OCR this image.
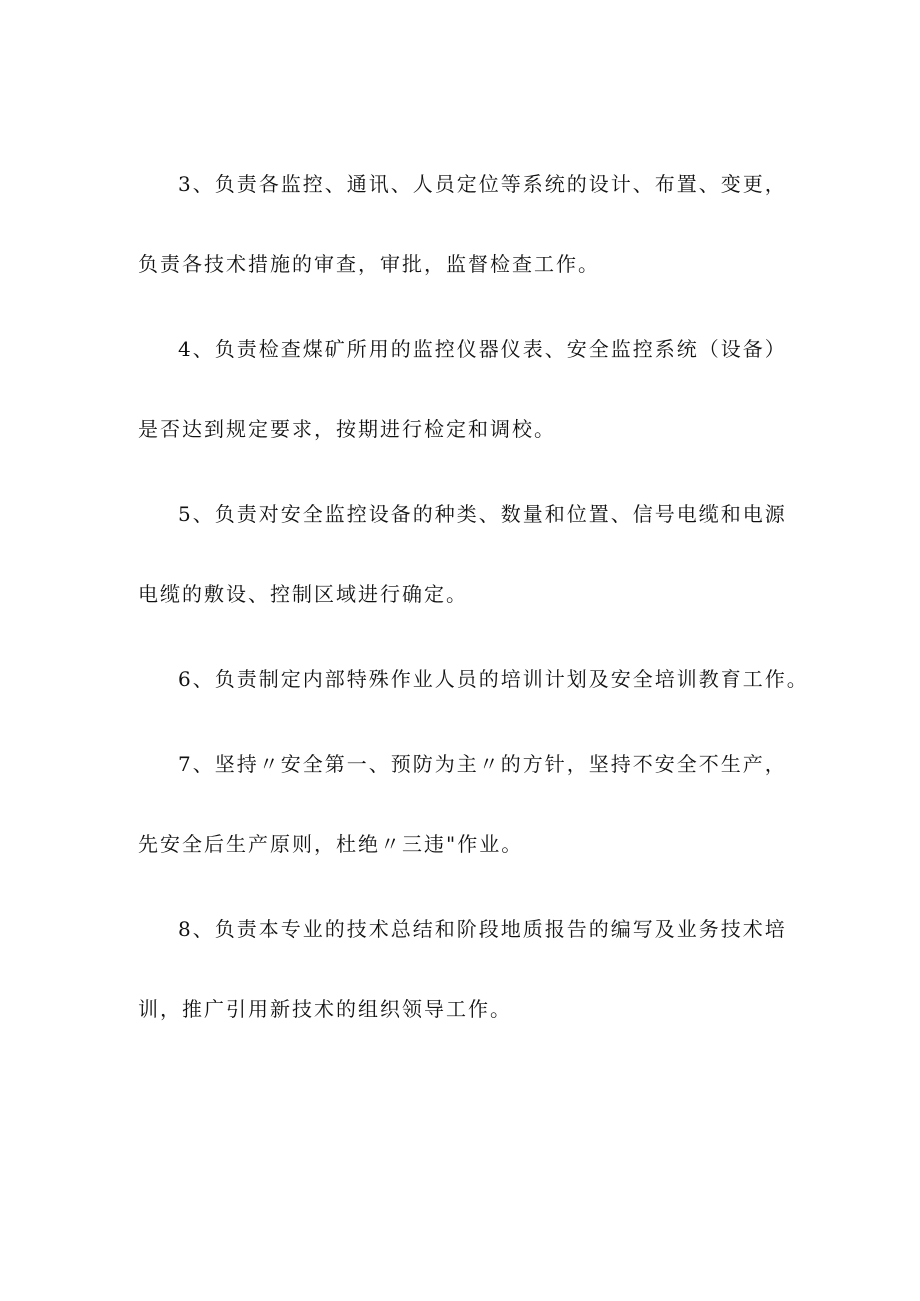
3、负责各监控、通讯、人员定位等系统的设计、布置、变更，
负责各技术措施的审查，审批，监督检查工作。
4、负责检查煤矿所用的监控仪器仪表、安全监控系统（设备）
是否达到规定要求，按期进行检定和调校。
5、负责对安全监控设备的种类、数量和位置、信号电缆和电源
电缆的敷设、控制区域进行确定。
6、负责制定内部特殊作业人员的培训计划及安全培训教育工作。
7、坚持〃安全第一、预防为主〃的方针，坚持不安全不生产，
先安全后生产原则，杜绝〃三违"作业。
8、负责本专业的技术总结和阶段地质报告的编写及业务技术培
训，推广引用新技术的组织领导工作。
